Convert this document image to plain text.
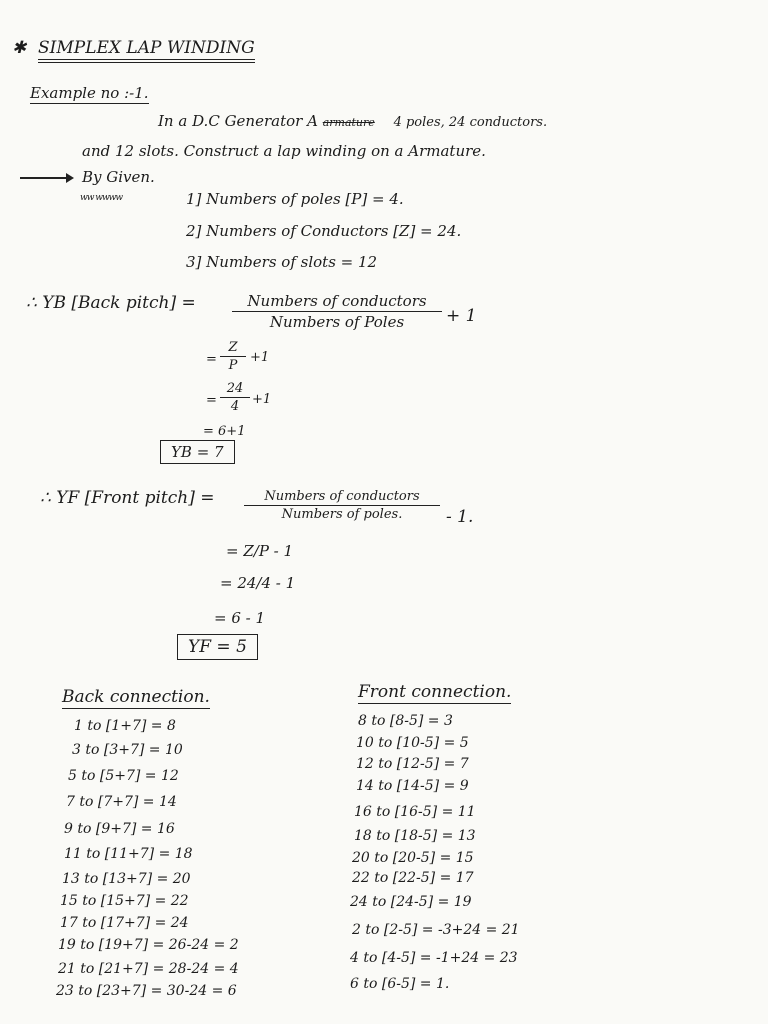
✱ SIMPLEX LAP WINDING
Example no :-1.
In a D.C Generator A armature 4 poles, 24 conductors.
and 12 slots. Construct a lap winding on a Armature.
By Given.
ww wwww	1] Numbers of poles [P] = 4.
2] Numbers of Conductors [Z] = 24.
3] Numbers of slots = 12
∴ YB [Back pitch] =	Numbers of conductors
Numbers of Poles	+ 1
= $\frac{Z}{P} +1$
= $\frac{24}{4} +1$
= 6+1
YB = 7
∴ YF [Front pitch] =	Numbers of conductors
Numbers of poles.	- 1.
= Z/P - 1
= 24/4 - 1
= 6 - 1
YF = 5
Back connection.
1 to [1+7] = 8
3 to [3+7] = 10
5 to [5+7] = 12
7 to [7+7] = 14
9 to [9+7] = 16
11 to [11+7] = 18
13 to [13+7] = 20
15 to [15+7] = 22
17 to [17+7] = 24
19 to [19+7] = 26-24 = 2
21 to [21+7] = 28-24 = 4
23 to [23+7] = 30-24 = 6
Front connection.
8 to [8-5] = 3
10 to [10-5] = 5
12 to [12-5] = 7
14 to [14-5] = 9
16 to [16-5] = 11
18 to [18-5] = 13
20 to [20-5] = 15
22 to [22-5] = 17
24 to [24-5] = 19
2 to [2-5] = -3+24 = 21
4 to [4-5] = -1+24 = 23
6 to [6-5] = 1.
